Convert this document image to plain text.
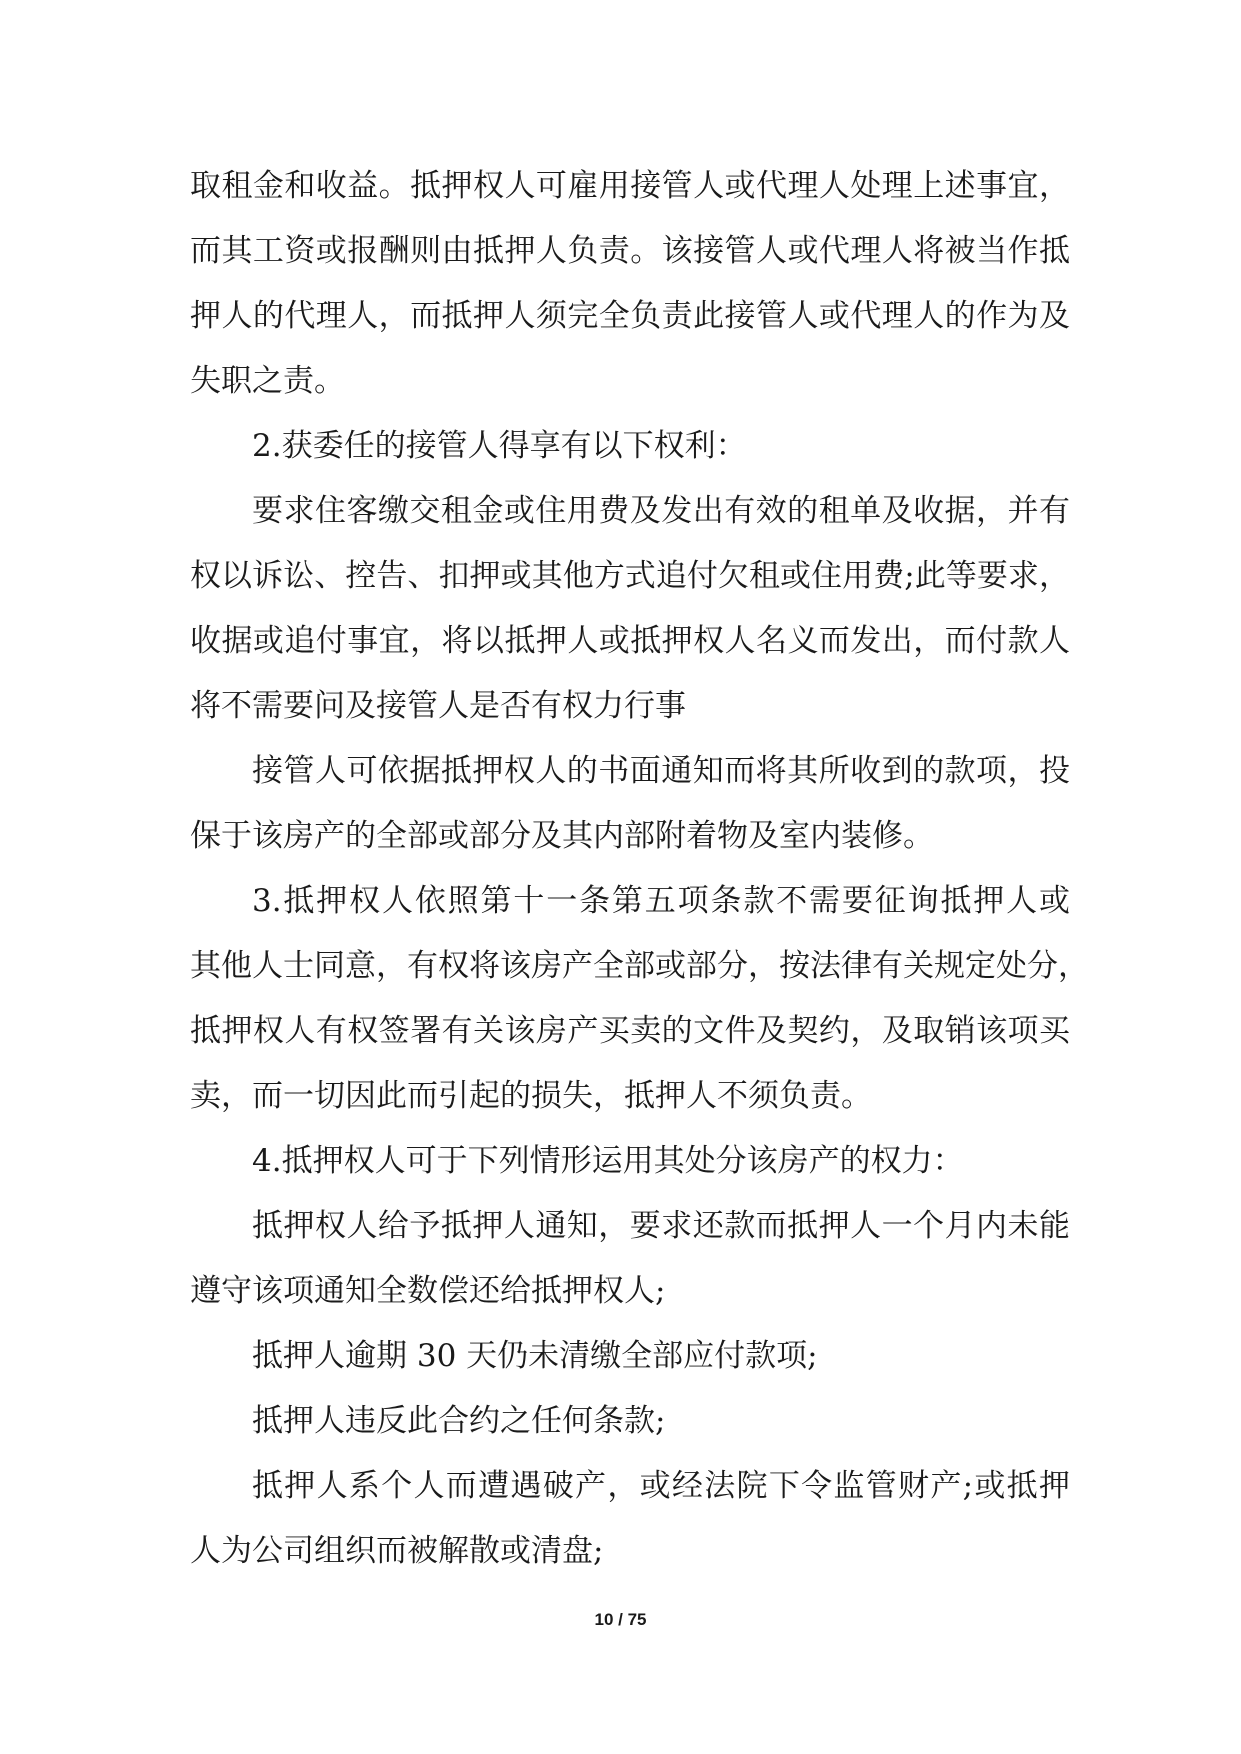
取租金和收益。抵押权人可雇用接管人或代理人处理上述事宜，
而其工资或报酬则由抵押人负责。该接管人或代理人将被当作抵
押人的代理人，而抵押人须完全负责此接管人或代理人的作为及
失职之责。
2.获委任的接管人得享有以下权利：
要求住客缴交租金或住用费及发出有效的租单及收据，并有
权以诉讼、控告、扣押或其他方式追付欠租或住用费;此等要求，
收据或追付事宜，将以抵押人或抵押权人名义而发出，而付款人
将不需要问及接管人是否有权力行事
接管人可依据抵押权人的书面通知而将其所收到的款项，投
保于该房产的全部或部分及其内部附着物及室内装修。
3.抵押权人依照第十一条第五项条款不需要征询抵押人或
其他人士同意，有权将该房产全部或部分，按法律有关规定处分，
抵押权人有权签署有关该房产买卖的文件及契约，及取销该项买
卖，而一切因此而引起的损失，抵押人不须负责。
4.抵押权人可于下列情形运用其处分该房产的权力：
抵押权人给予抵押人通知，要求还款而抵押人一个月内未能
遵守该项通知全数偿还给抵押权人;
抵押人逾期 30 天仍未清缴全部应付款项;
抵押人违反此合约之任何条款;
抵押人系个人而遭遇破产，或经法院下令监管财产;或抵押
人为公司组织而被解散或清盘;
10 / 75
